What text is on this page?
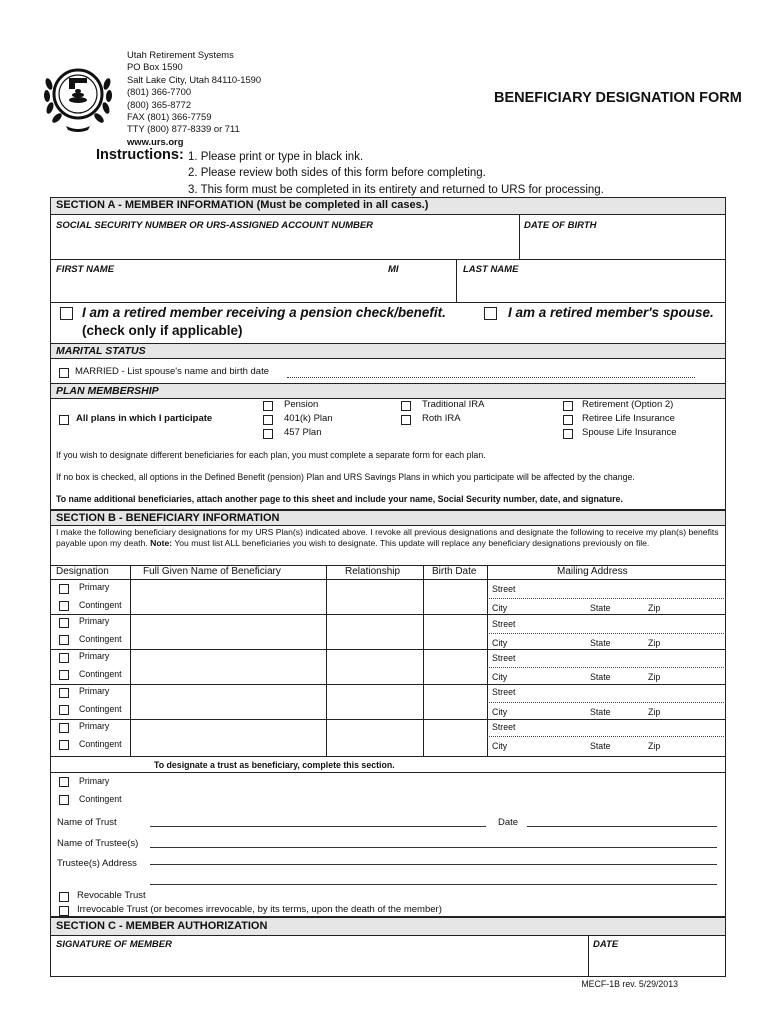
Utah Retirement Systems
PO Box 1590
Salt Lake City, Utah 84110-1590
(801) 366-7700
(800) 365-8772
FAX (801) 366-7759
TTY (800) 877-8339 or 711
www.urs.org
BENEFICIARY DESIGNATION FORM
Instructions: 1. Please print or type in black ink.
2. Please review both sides of this form before completing.
3. This form must be completed in its entirety and returned to URS for processing.
SECTION A - MEMBER INFORMATION (Must be completed in all cases.)
SOCIAL SECURITY NUMBER OR URS-ASSIGNED ACCOUNT NUMBER	DATE OF BIRTH
FIRST NAME	MI	LAST NAME
I am a retired member receiving a pension check/benefit.
(check only if applicable)
I am a retired member's spouse.
MARITAL STATUS
MARRIED - List spouse's name and birth date
PLAN MEMBERSHIP
All plans in which I participate
Pension
401(k) Plan
457 Plan
Traditional IRA
Roth IRA
Retirement (Option 2)
Retiree Life Insurance
Spouse Life Insurance
If you wish to designate different beneficiaries for each plan, you must complete a separate form for each plan.
If no box is checked, all options in the Defined Benefit (pension) Plan and URS Savings Plans in which you participate will be affected by the change.
To name additional beneficiaries, attach another page to this sheet and include your name, Social Security number, date, and signature.
SECTION B - BENEFICIARY INFORMATION
I make the following beneficiary designations for my URS Plan(s) indicated above. I revoke all previous designations and designate the following to receive my plan(s) benefits payable upon my death. Note: You must list ALL beneficiaries you wish to designate. This update will replace any beneficiary designations previously on file.
Designation	Full Given Name of Beneficiary	Relationship	Birth Date	Mailing Address
Primary
Contingent
Street
City	State	Zip
Primary
Contingent
Street
City	State	Zip
Primary
Contingent
Street
City	State	Zip
Primary
Contingent
Street
City	State	Zip
Primary
Contingent
Street
City	State	Zip
To designate a trust as beneficiary, complete this section.
Primary
Contingent
Name of Trust	Date
Name of Trustee(s)
Trustee(s) Address
Revocable Trust
Irrevocable Trust (or becomes irrevocable, by its terms, upon the death of the member)
SECTION C - MEMBER AUTHORIZATION
SIGNATURE OF MEMBER	DATE
MECF-1B rev. 5/29/2013
